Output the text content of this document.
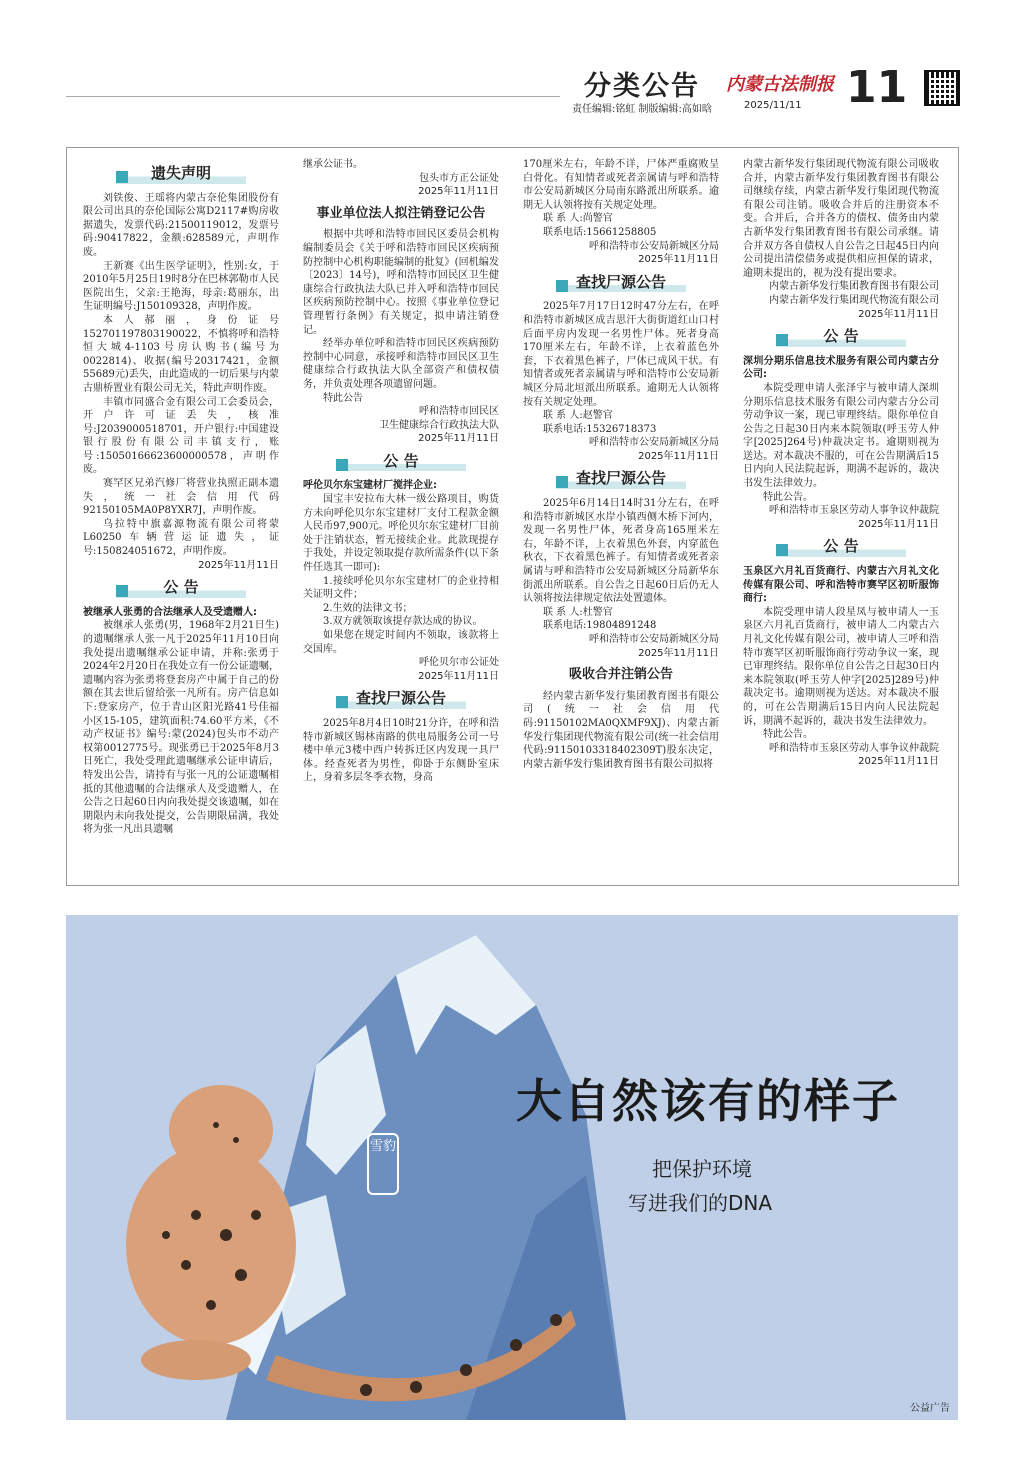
分类公告 内蒙古法制报 11
责任编辑:铭虹 制版编辑:高如晗	2025/11/11
遗失声明

刘铁俊、王瑶将内蒙古奈伦集团股份有限公司出具的奈伦国际公寓D2117#购房收据遗失，发票代码:21500119012，发票号码:90417822，金额:628589元，声明作废。

王新赛《出生医学证明》，性别:女，于2010年5月25日19时8分在巴林郭勒市人民医院出生，父亲:王艳海，母亲:葛丽东，出生证明编号:J150109328，声明作废。

本人郝丽，身份证号152701197803190022，不慎将呼和浩特恒大城4-1103号房认购书(编号为0022814)、收据(编号20317421，金额55689元)丢失，由此造成的一切后果与内蒙古鼎桥置业有限公司无关，特此声明作废。

丰镇市同盛合金有限公司工会委员会，开户许可证丢失，核准号:J2039000518701，开户银行:中国建设银行股份有限公司丰镇支行，账号:15050166623600000578，声明作废。

赛罕区兄弟汽修厂将营业执照正副本遗失，统一社会信用代码92150105MA0P8YXR7J，声明作废。

乌拉特中旗嘉源物流有限公司将蒙L60250车辆营运证遗失，证号:150824051672，声明作废。

2025年11月11日
公 告
被继承人张勇的合法继承人及受遗赠人:

被继承人张勇(男，1968年2月21日生)的遗嘱继承人张一凡于2025年11月10日向我处提出遗嘱继承公证申请，并称:张勇于2024年2月20日在我处立有一份公证遗嘱，遗嘱内容为张勇将登套房产中属于自己的份额在其去世后留给张一凡所有。房产信息如下:登家房产，位于青山区阳光路41号佳福小区15-105，建筑面积:74.60平方米，《不动产权证书》编号:蒙(2024)包头市不动产权第0012775号。现张勇已于2025年8月3日死亡，我处受理此遗嘱继承公证申请后，特发出公告，请持有与张一凡的公证遗嘱相抵的其他遗嘱的合法继承人及受遗赠人，在公告之日起60日内向我处提交该遗嘱，如在期限内未向我处提交，公告期限届满，我处将为张一凡出具遗嘱

继承公证书。
包头市方正公证处
2025年11月11日
事业单位法人拟注销登记公告

根据中共呼和浩特市回民区委员会机构编制委员会《关于呼和浩特市回民区疾病预防控制中心机构职能编制的批复》(回机编发〔2023〕14号)，呼和浩特市回民区卫生健康综合行政执法大队已并入呼和浩特市回民区疾病预防控制中心。按照《事业单位登记管理暂行条例》有关规定，拟申请注销登记。

经举办单位呼和浩特市回民区疾病预防控制中心同意，承接呼和浩特市回民区卫生健康综合行政执法大队全部资产和债权债务，并负责处理各项遗留问题。

特此公告

呼和浩特市回民区
卫生健康综合行政执法大队
2025年11月11日
公 告
呼伦贝尔东宝建材厂搅拌企业:

国宝丰安拉布大林一级公路项目，购货方未向呼伦贝尔东宝建材厂支付工程款金额人民币97,900元。呼伦贝尔东宝建材厂目前处于注销状态，暂无接续企业。此款现提存于我处，并设定领取提存款所需条件(以下条件任选其一即可):

1.接续呼伦贝尔东宝建材厂的企业持相关证明文件；

2.生效的法律文书；

3.双方就领取该提存款达成的协议。

如果您在规定时间内不领取，该款将上交国库。

呼伦贝尔市公证处
2025年11月11日
查找尸源公告

2025年8月4日10时21分许，在呼和浩特市新城区锡林南路的供电局服务公司一号楼中单元3楼中西户转拆迁区内发现一具尸体。经查死者为男性，仰卧于东侧卧室床上，身着多层冬季衣物，身高

170厘米左右，年龄不详，尸体严重腐败呈白骨化。有知情者或死者亲属请与呼和浩特市公安局新城区分局南东路派出所联系。逾期无人认领将按有关规定处理。

联 系 人:尚警官

联系电话:15661258805

呼和浩特市公安局新城区分局
2025年11月11日
查找尸源公告

2025年7月17日12时47分左右，在呼和浩特市新城区成吉思汗大街街道红山口村后面平房内发现一名男性尸体。死者身高170厘米左右，年龄不详，上衣着蓝色外套，下衣着黑色裤子，尸体已成风干状。有知情者或死者亲属请与呼和浩特市公安局新城区分局北垣派出所联系。逾期无人认领将按有关规定处理。

联 系 人:赵警官

联系电话:15326718373

呼和浩特市公安局新城区分局
2025年11月11日
查找尸源公告

2025年6月14日14时31分左右，在呼和浩特市新城区水岸小镇西侧木桥下河内，发现一名男性尸体，死者身高165厘米左右，年龄不详，上衣着黑色外套，内穿蓝色秋衣，下衣着黑色裤子。有知情者或死者亲属请与呼和浩特市公安局新城区分局新华东街派出所联系。自公告之日起60日后仍无人认领将按法律规定依法处置遗体。

联 系 人:杜警官

联系电话:19804891248

呼和浩特市公安局新城区分局
2025年11月11日
吸收合并注销公告

经内蒙古新华发行集团教育图书有限公司(统一社会信用代码:91150102MA0QXMF9XJ)、内蒙古新华发行集团现代物流有限公司(统一社会信用代码:91150103318402309T)股东决定，内蒙古新华发行集团教育图书有限公司拟将

内蒙古新华发行集团现代物流有限公司吸收合并，内蒙古新华发行集团教育图书有限公司继续存续，内蒙古新华发行集团现代物流有限公司注销。吸收合并后的注册资本不变。合并后，合并各方的债权、债务由内蒙古新华发行集团教育图书有限公司承继。请合并双方各自债权人自公告之日起45日内向公司提出清偿债务或提供相应担保的请求，逾期未提出的，视为没有提出要求。
内蒙古新华发行集团教育图书有限公司
内蒙古新华发行集团现代物流有限公司
2025年11月11日
公 告
深圳分期乐信息技术服务有限公司内蒙古分公司:

本院受理申请人张泽宇与被申请人深圳分期乐信息技术服务有限公司内蒙古分公司劳动争议一案，现已审理终结。限你单位自公告之日起30日内来本院领取(呼玉劳人仲字[2025]264号)仲裁决定书。逾期则视为送达。对本裁决不服的，可在公告期满后15日内向人民法院起诉，期满不起诉的，裁决书发生法律效力。

特此公告。

呼和浩特市玉泉区劳动人事争议仲裁院
2025年11月11日
公 告
玉泉区六月礼百货商行、内蒙古六月礼文化传媒有限公司、呼和浩特市赛罕区初昕服饰商行:

本院受理申请人段星凤与被申请人一玉泉区六月礼百货商行，被申请人二内蒙古六月礼文化传媒有限公司，被申请人三呼和浩特市赛罕区初昕服饰商行劳动争议一案，现已审理终结。限你单位自公告之日起30日内来本院领取(呼玉劳人仲字[2025]289号)仲裁决定书。逾期则视为送达。对本裁决不服的，可在公告期满后15日内向人民法院起诉，期满不起诉的，裁决书发生法律效力。

特此公告。

呼和浩特市玉泉区劳动人事争议仲裁院
2025年11月11日
雪豹
大自然该有的样子
把保护环境
写进我们的DNA
公益广告
